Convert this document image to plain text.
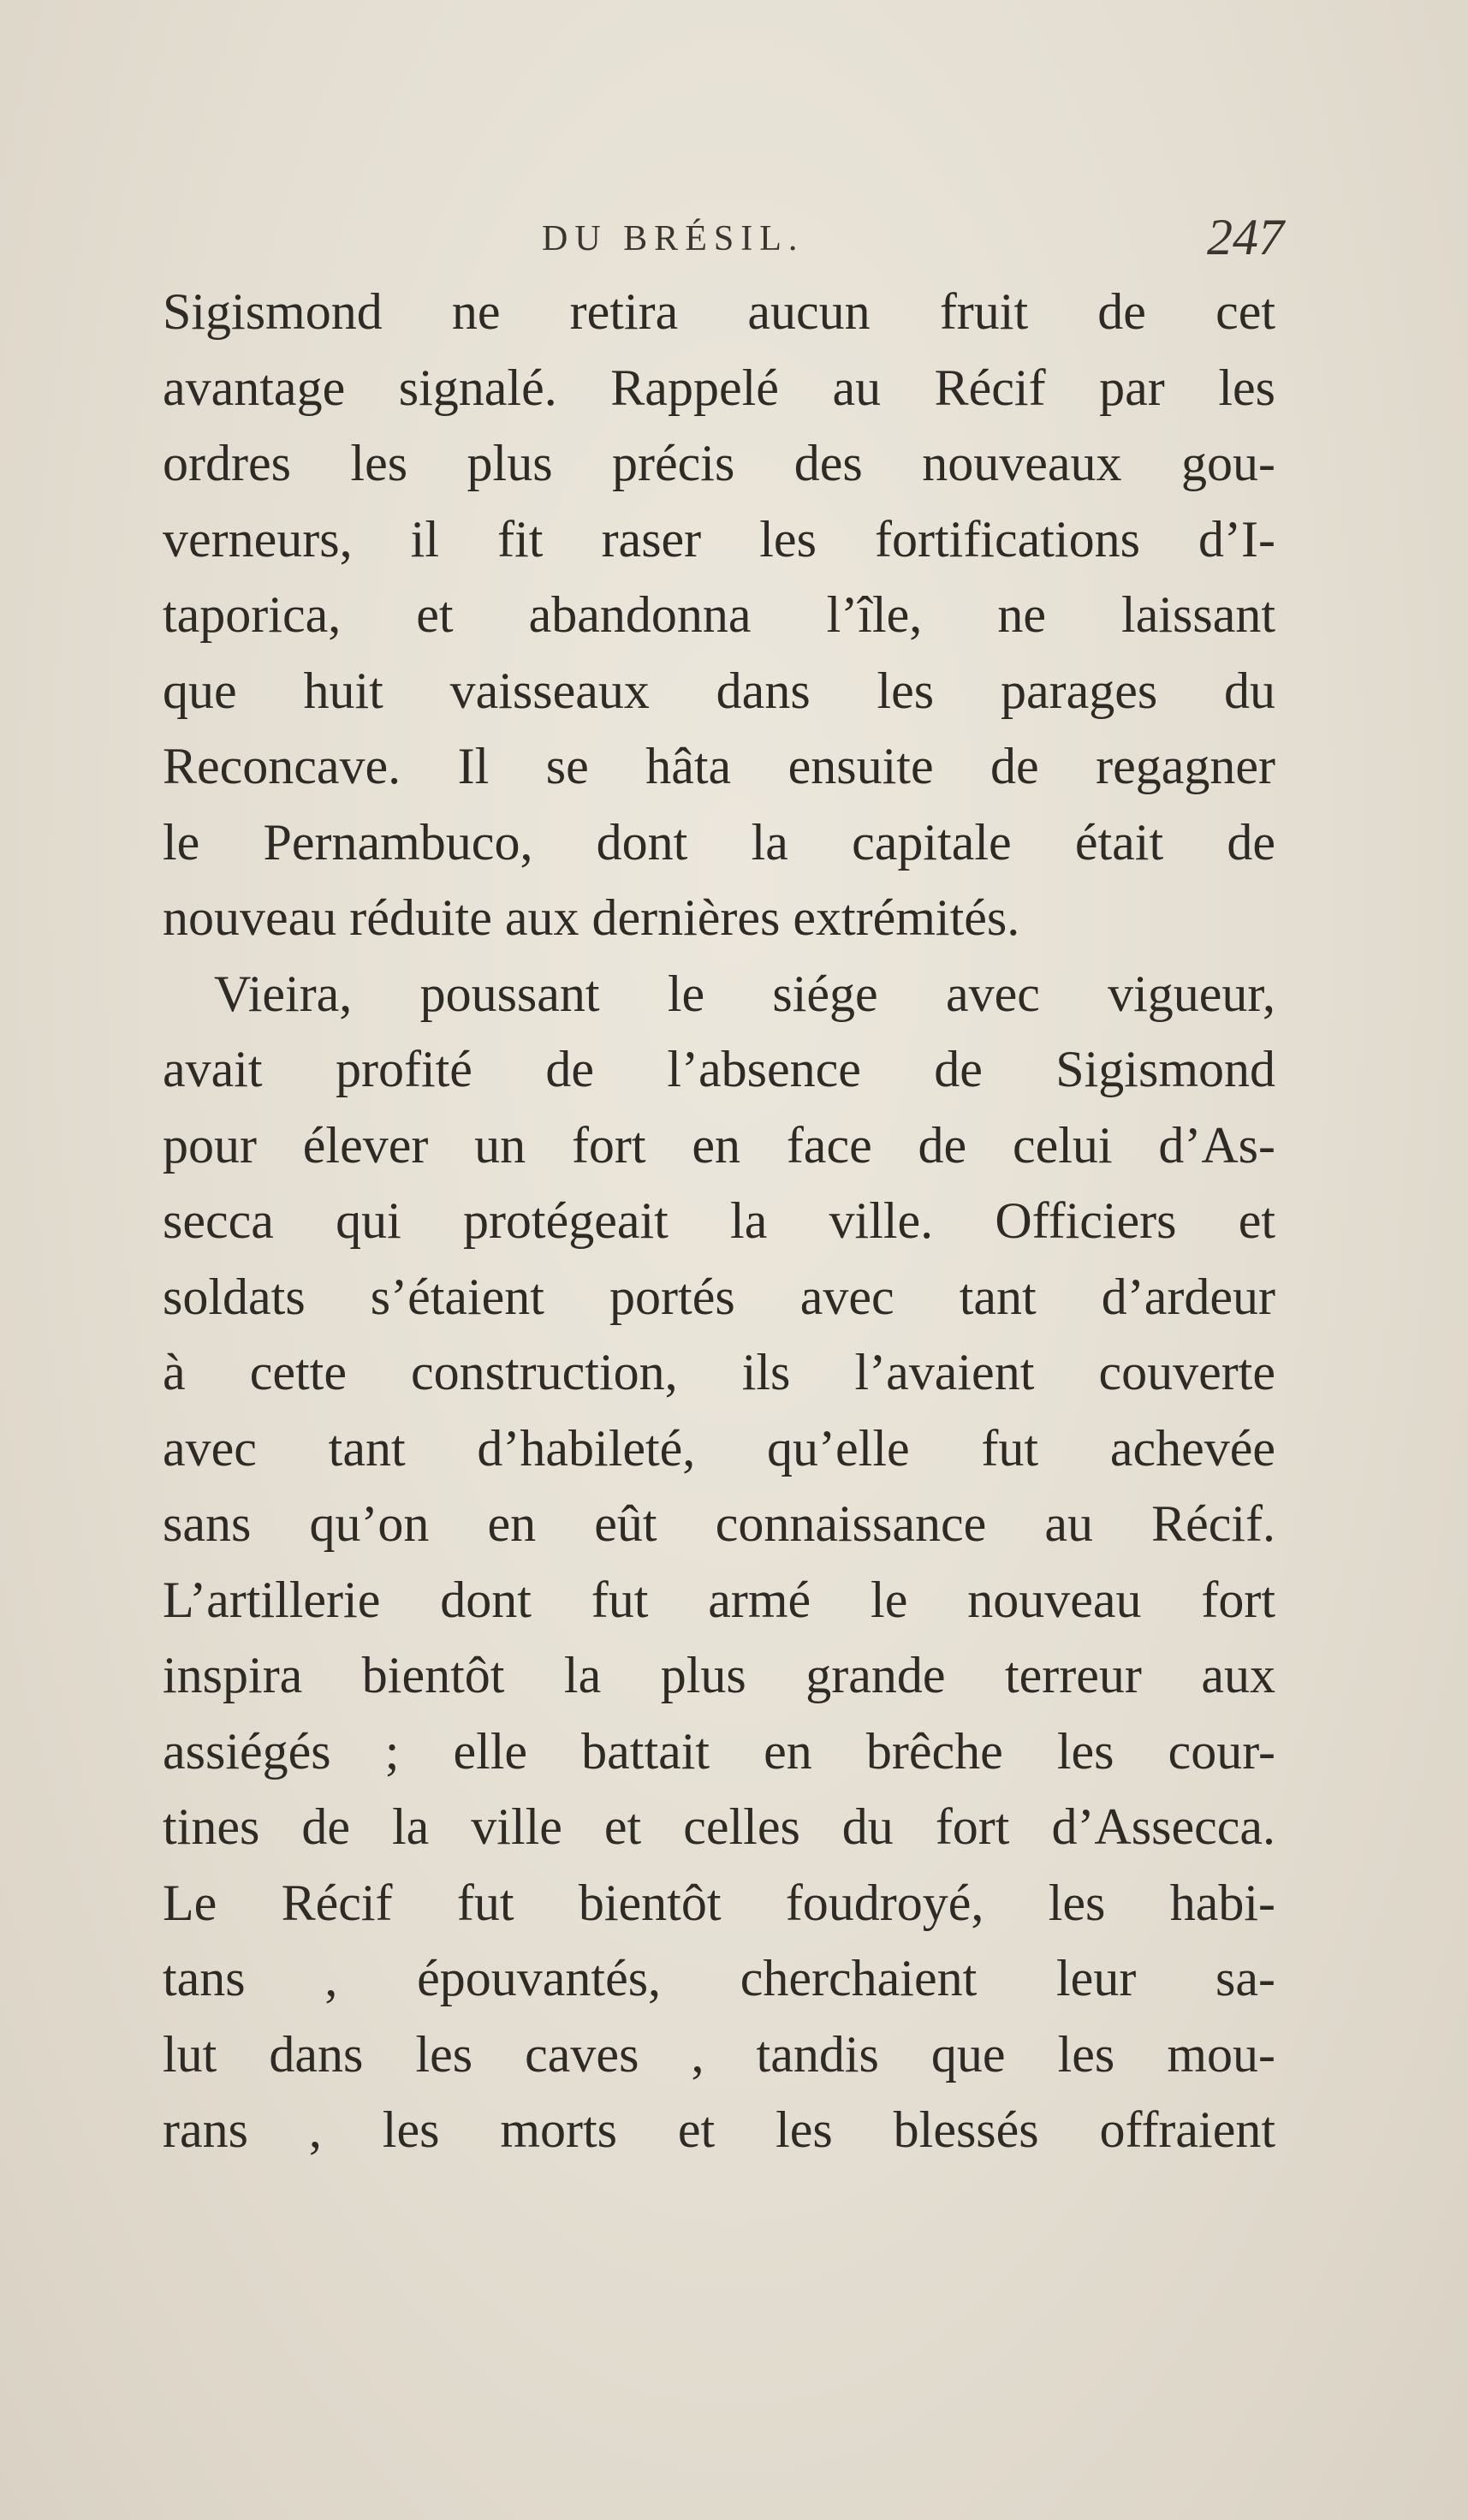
DU BRÉSIL.	247
Sigismond ne retira aucun fruit de cet
avantage signalé. Rappelé au Récif par les
ordres les plus précis des nouveaux gou-
verneurs, il fit raser les fortifications d’I-
taporica, et abandonna l’île, ne laissant
que huit vaisseaux dans les parages du
Reconcave. Il se hâta ensuite de regagner
le Pernambuco, dont la capitale était de
nouveau réduite aux dernières extrémités.
Vieira, poussant le siége avec vigueur,
avait profité de l’absence de Sigismond
pour élever un fort en face de celui d’As-
secca qui protégeait la ville. Officiers et
soldats s’étaient portés avec tant d’ardeur
à cette construction, ils l’avaient couverte
avec tant d’habileté, qu’elle fut achevée
sans qu’on en eût connaissance au Récif.
L’artillerie dont fut armé le nouveau fort
inspira bientôt la plus grande terreur aux
assiégés ; elle battait en brêche les cour-
tines de la ville et celles du fort d’Assecca.
Le Récif fut bientôt foudroyé, les habi-
tans , épouvantés, cherchaient leur sa-
lut dans les caves , tandis que les mou-
rans , les morts et les blessés offraient
